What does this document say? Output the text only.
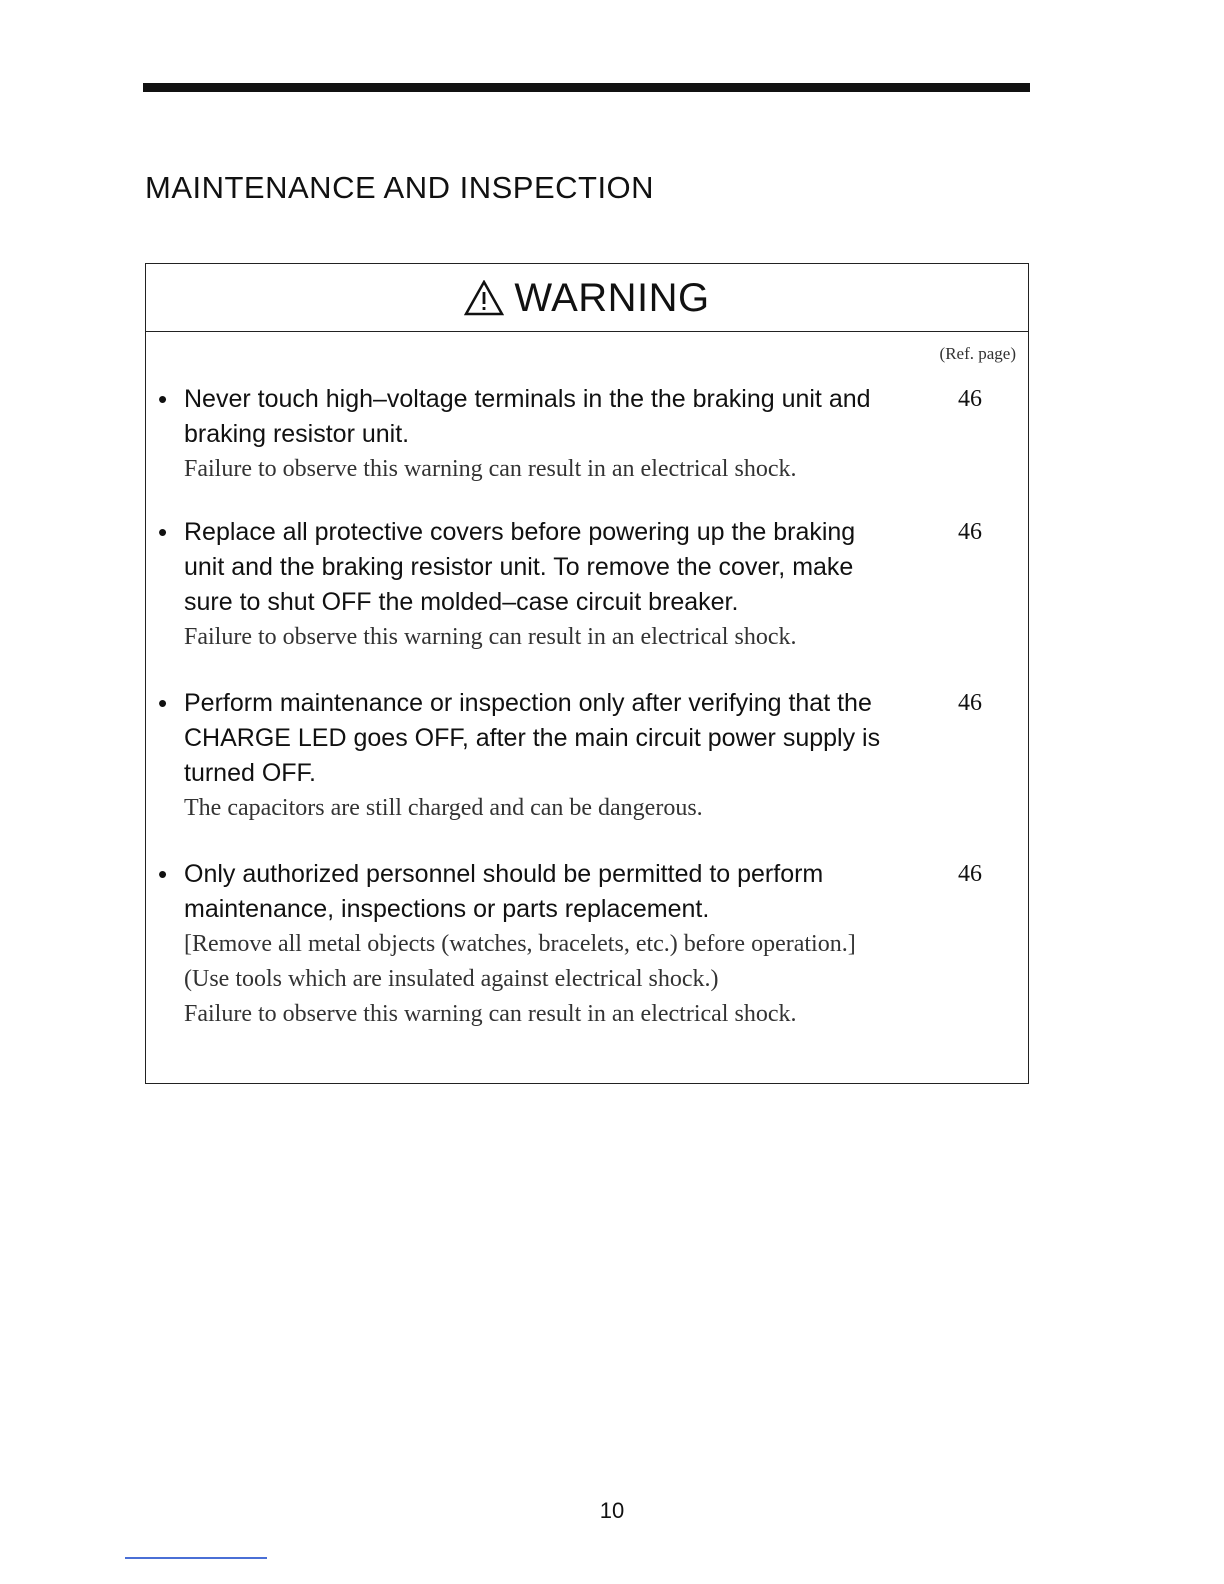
MAINTENANCE AND INSPECTION
WARNING
(Ref. page)
• Never touch high–voltage terminals in the the braking unit and braking resistor unit.

Failure to observe this warning can result in an electrical shock.

46
• Replace all protective covers before powering up the braking unit and the braking resistor unit. To remove the cover, make sure to shut OFF the molded–case circuit breaker.

Failure to observe this warning can result in an electrical shock.

46
• Perform maintenance or inspection only after verifying that the CHARGE LED goes OFF, after the main circuit power supply is turned OFF.

The capacitors are still charged and can be dangerous.

46
• Only authorized personnel should be permitted to perform maintenance, inspections or parts replacement.

[Remove all metal objects (watches, bracelets, etc.) before operation.]

(Use tools which are insulated against electrical shock.)

Failure to observe this warning can result in an electrical shock.

46
10
